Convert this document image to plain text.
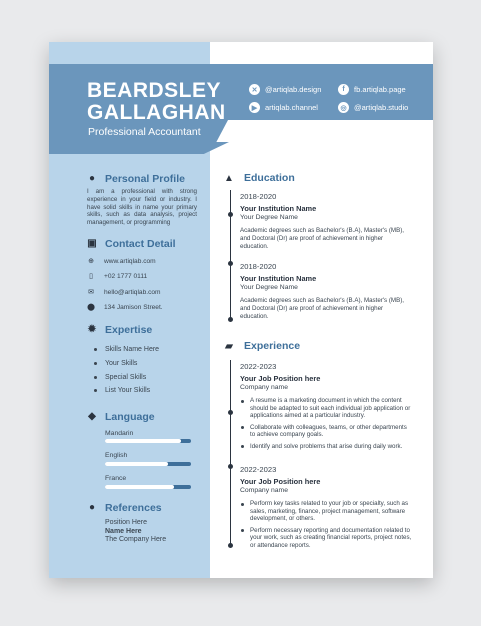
BEARDSLEY
GALLAGHAN
Professional Accountant
✕	@artiqlab.design	f	fb.artiqlab.page
▶	artiqlab.channel	◎ @artiqlab.studio
● Personal Profile
I am a professional with strong experience in your field or industry. I have solid skills in name your primary skills, such as data analysis, project management, or programming
▣ Contact Detail
⊕ www.artiqlab.com
▯	+02 1777 0111
✉ hello@artiqlab.com
⬤ 134 Jamison Street.
✹ Expertise
Skills Name Here
Your Skills
Special Skills
List Your Skills
◆ Language
Mandarin
English
France
● References
Position Here
Name Here
The Company Here
▲ Education
2018-2020
Your Institution Name
Your Degree Name
Academic degrees such as Bachelor's (B.A), Master's (MB), and Doctoral (Dr) are proof of achievement in higher education.
2018-2020
Your Institution Name
Your Degree Name
Academic degrees such as Bachelor's (B.A), Master's (MB), and Doctoral (Dr) are proof of achievement in higher education.
▰ Experience
2022-2023
Your Job Position here
Company name
A resume is a marketing document in which the content should be adapted to suit each individual job application or applications aimed at a particular industry.
Collaborate with colleagues, teams, or other departments to achieve company goals.
Identify and solve problems that arise during daily work.
2022-2023
Your Job Position here
Company name
Perform key tasks related to your job or specialty, such as sales, marketing, finance, project management, software development, or others.
Perform necessary reporting and documentation related to your work, such as creating financial reports, project notes, or attendance reports.
